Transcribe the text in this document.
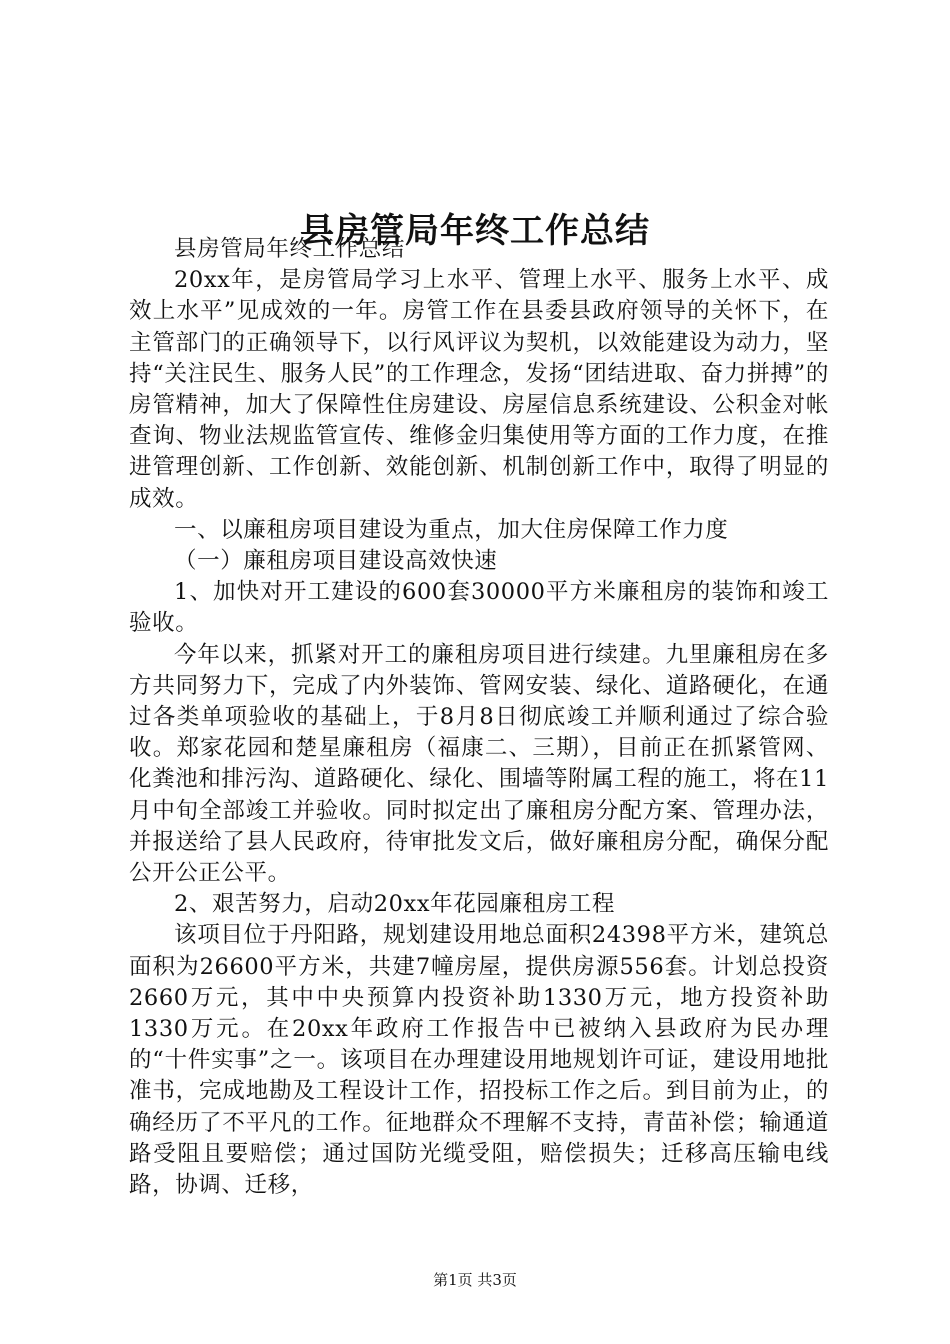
县房管局年终工作总结

县房管局年终工作总结

20xx年，是房管局学习上水平、管理上水平、服务上水平、成效上水平”见成效的一年。房管工作在县委县政府领导的关怀下，在主管部门的正确领导下，以行风评议为契机，以效能建设为动力，坚持“关注民生、服务人民”的工作理念，发扬“团结进取、奋力拼搏”的房管精神，加大了保障性住房建设、房屋信息系统建设、公积金对帐查询、物业法规监管宣传、维修金归集使用等方面的工作力度，在推进管理创新、工作创新、效能创新、机制创新工作中，取得了明显的成效。

一、以廉租房项目建设为重点，加大住房保障工作力度

（一）廉租房项目建设高效快速

1、加快对开工建设的600套30000平方米廉租房的装饰和竣工验收。

今年以来，抓紧对开工的廉租房项目进行续建。九里廉租房在多方共同努力下，完成了内外装饰、管网安装、绿化、道路硬化，在通过各类单项验收的基础上，于8月8日彻底竣工并顺利通过了综合验收。郑家花园和楚星廉租房（福康二、三期），目前正在抓紧管网、化粪池和排污沟、道路硬化、绿化、围墙等附属工程的施工，将在11月中旬全部竣工并验收。同时拟定出了廉租房分配方案、管理办法，并报送给了县人民政府，待审批发文后，做好廉租房分配，确保分配公开公正公平。

2、艰苦努力，启动20xx年花园廉租房工程

该项目位于丹阳路，规划建设用地总面积24398平方米，建筑总面积为26600平方米，共建7幢房屋，提供房源556套。计划总投资2660万元，其中中央预算内投资补助1330万元，地方投资补助1330万元。在20xx年政府工作报告中已被纳入县政府为民办理的“十件实事”之一。该项目在办理建设用地规划许可证，建设用地批准书，完成地勘及工程设计工作，招投标工作之后。到目前为止，的确经历了不平凡的工作。征地群众不理解不支持，青苗补偿；输通道路受阻且要赔偿；通过国防光缆受阻，赔偿损失；迁移高压输电线路，协调、迁移，

第1页 共3页
